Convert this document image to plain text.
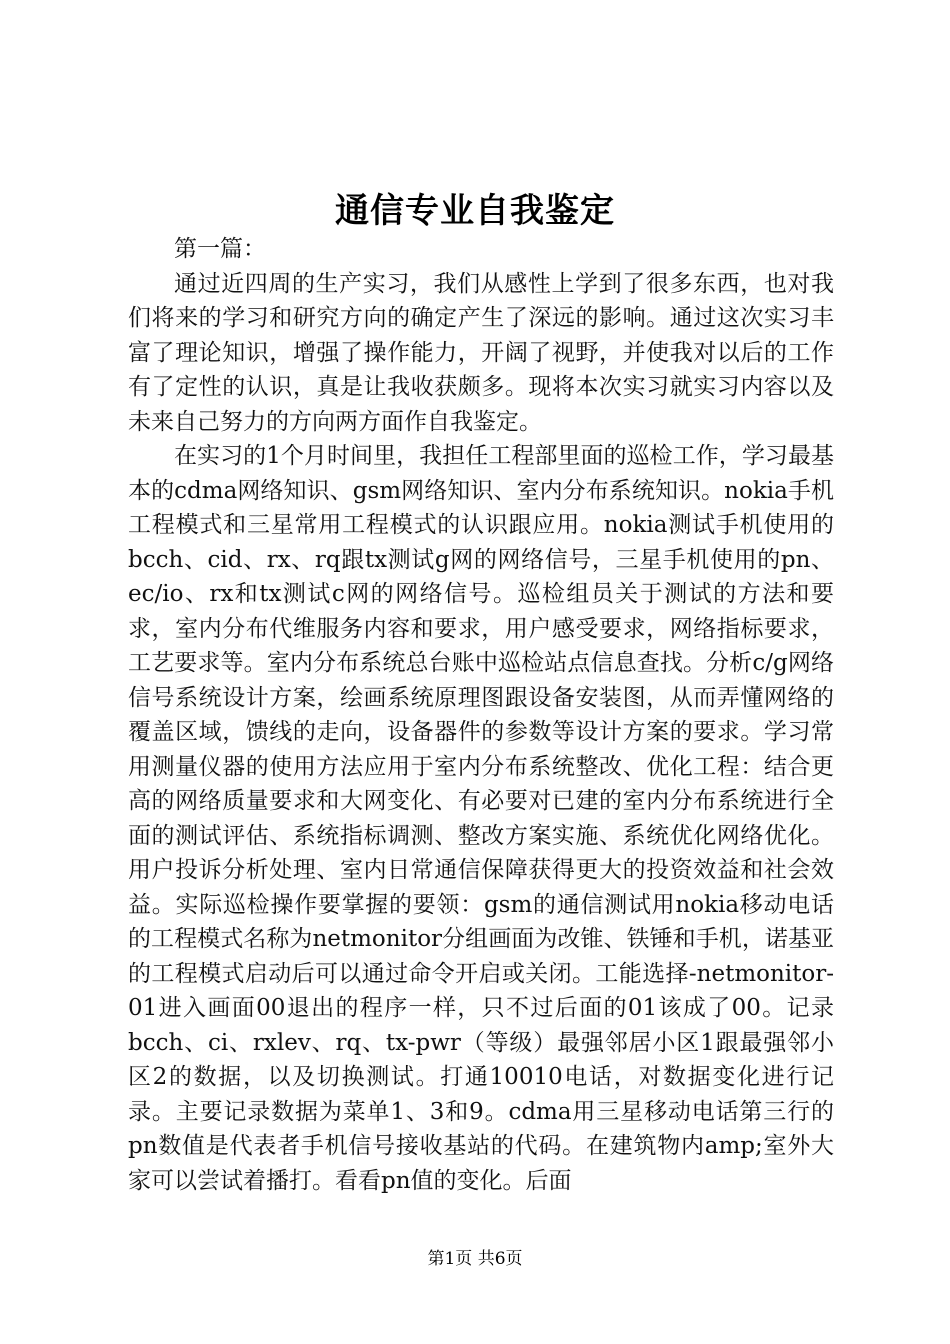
通信专业自我鉴定

第一篇：

通过近四周的生产实习，我们从感性上学到了很多东西，也对我们将来的学习和研究方向的确定产生了深远的影响。通过这次实习丰富了理论知识，增强了操作能力，开阔了视野，并使我对以后的工作有了定性的认识，真是让我收获颇多。现将本次实习就实习内容以及未来自己努力的方向两方面作自我鉴定。

在实习的1个月时间里，我担任工程部里面的巡检工作，学习最基本的cdma网络知识、gsm网络知识、室内分布系统知识。nokia手机工程模式和三星常用工程模式的认识跟应用。nokia测试手机使用的bcch、cid、rx、rq跟tx测试g网的网络信号，三星手机使用的pn、ec/io、rx和tx测试c网的网络信号。巡检组员关于测试的方法和要求，室内分布代维服务内容和要求，用户感受要求，网络指标要求，工艺要求等。室内分布系统总台账中巡检站点信息查找。分析c/g网络信号系统设计方案，绘画系统原理图跟设备安装图，从而弄懂网络的覆盖区域，馈线的走向，设备器件的参数等设计方案的要求。学习常用测量仪器的使用方法应用于室内分布系统整改、优化工程：结合更高的网络质量要求和大网变化、有必要对已建的室内分布系统进行全面的测试评估、系统指标调测、整改方案实施、系统优化网络优化。用户投诉分析处理、室内日常通信保障获得更大的投资效益和社会效益。实际巡检操作要掌握的要领：gsm的通信测试用nokia移动电话的工程模式名称为netmonitor分组画面为改锥、铁锤和手机，诺基亚的工程模式启动后可以通过命令开启或关闭。工能选择-netmonitor-01进入画面00退出的程序一样，只不过后面的01该成了00。记录bcch、ci、rxlev、rq、tx-pwr（等级）最强邻居小区1跟最强邻小区2的数据，以及切换测试。打通10010电话，对数据变化进行记录。主要记录数据为菜单1、3和9。cdma用三星移动电话第三行的pn数值是代表者手机信号接收基站的代码。在建筑物内amp;室外大家可以尝试着播打。看看pn值的变化。后面

第1页 共6页
